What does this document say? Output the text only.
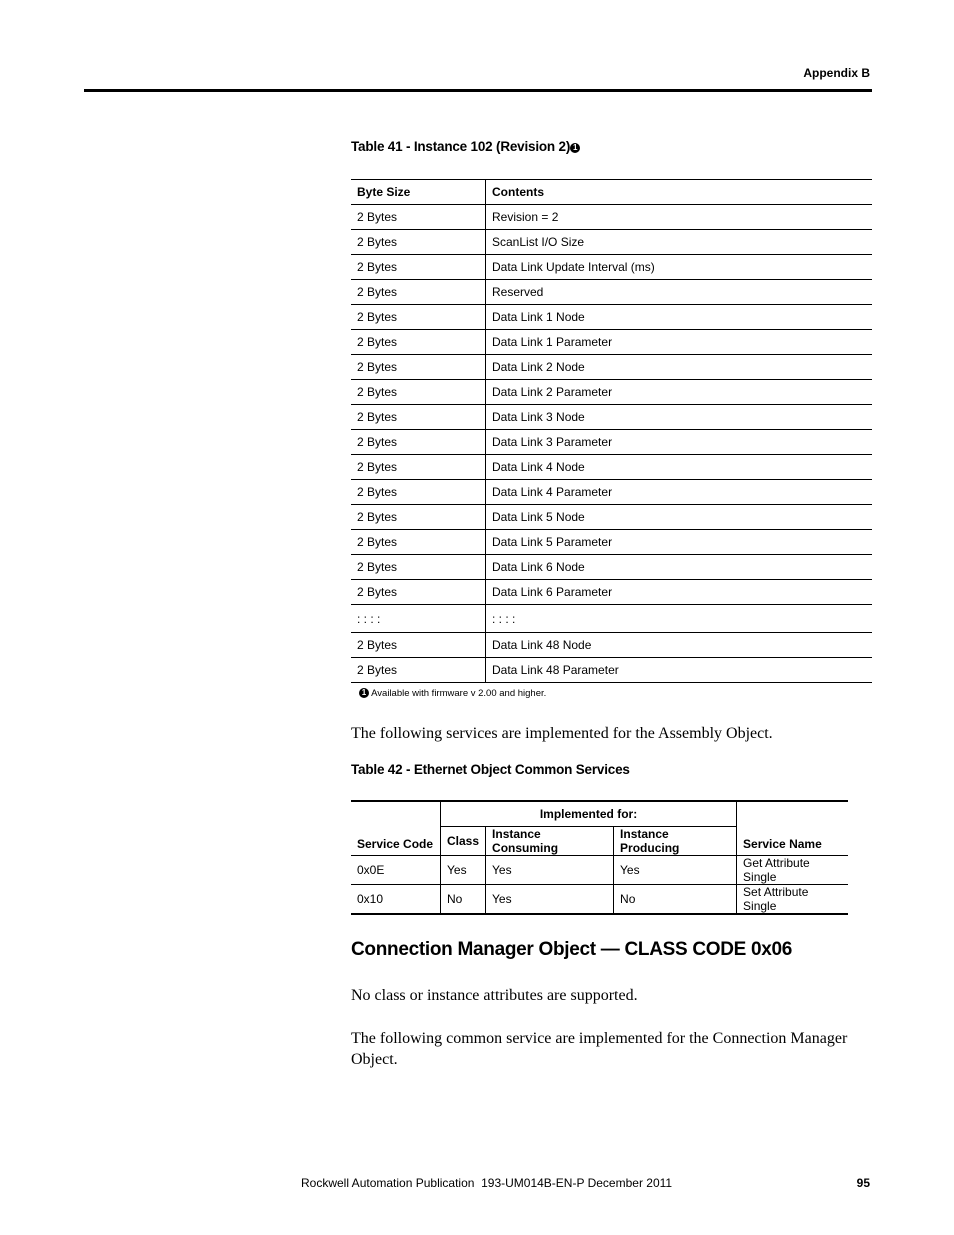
Appendix B
Table 41 - Instance 102 (Revision 2) 1
Byte Size	Contents
2 Bytes	Revision = 2
2 Bytes	ScanList I/O Size
2 Bytes	Data Link Update Interval (ms)
2 Bytes	Reserved
2 Bytes	Data Link 1 Node
2 Bytes	Data Link 1 Parameter
2 Bytes	Data Link 2 Node
2 Bytes	Data Link 2 Parameter
2 Bytes	Data Link 3 Node
2 Bytes	Data Link 3 Parameter
2 Bytes	Data Link 4 Node
2 Bytes	Data Link 4 Parameter
2 Bytes	Data Link 5 Node
2 Bytes	Data Link 5 Parameter
2 Bytes	Data Link 6 Node
2 Bytes	Data Link 6 Parameter
: : : :	: : : :
2 Bytes	Data Link 48 Node
2 Bytes	Data Link 48 Parameter
1 Available with firmware v 2.00 and higher.
The following services are implemented for the Assembly Object.
Table 42 - Ethernet Object Common Services
Service Code	Implemented for:			Service Name
	Class	Instance Consuming	Instance Producing	
0x0E	Yes	Yes	Yes	Get Attribute Single
0x10	No	Yes	No	Set Attribute Single
Connection Manager Object — CLASS CODE 0x06
No class or instance attributes are supported.
The following common service are implemented for the Connection Manager Object.
Rockwell Automation Publication  193-UM014B-EN-P December 2011	95
